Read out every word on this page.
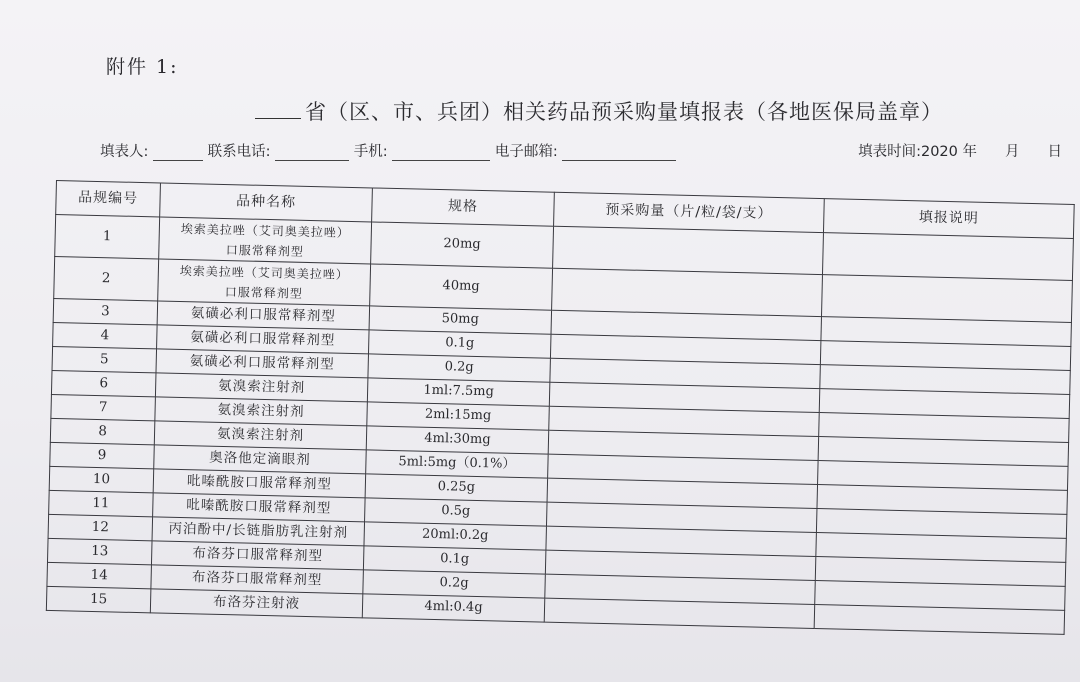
附件 1:
省（区、市、兵团）相关药品预采购量填报表（各地医保局盖章）
填表人:	联系电话:	手机:	电子邮箱:	填表时间:2020 年 月 日
品规编号	品种名称	规格	预采购量（片/粒/袋/支）	填报说明
1	埃索美拉唑（艾司奥美拉唑）
口服常释剂型	20mg		
2	埃索美拉唑（艾司奥美拉唑）
口服常释剂型	40mg		
3	氨磺必利口服常释剂型	50mg		
4	氨磺必利口服常释剂型	0.1g		
5	氨磺必利口服常释剂型	0.2g		
6	氨溴索注射剂	1ml:7.5mg		
7	氨溴索注射剂	2ml:15mg		
8	氨溴索注射剂	4ml:30mg		
9	奥洛他定滴眼剂	5ml:5mg（0.1%）		
10	吡嗪酰胺口服常释剂型	0.25g		
11	吡嗪酰胺口服常释剂型	0.5g		
12	丙泊酚中/长链脂肪乳注射剂	20ml:0.2g		
13	布洛芬口服常释剂型	0.1g		
14	布洛芬口服常释剂型	0.2g		
15	布洛芬注射液	4ml:0.4g		
